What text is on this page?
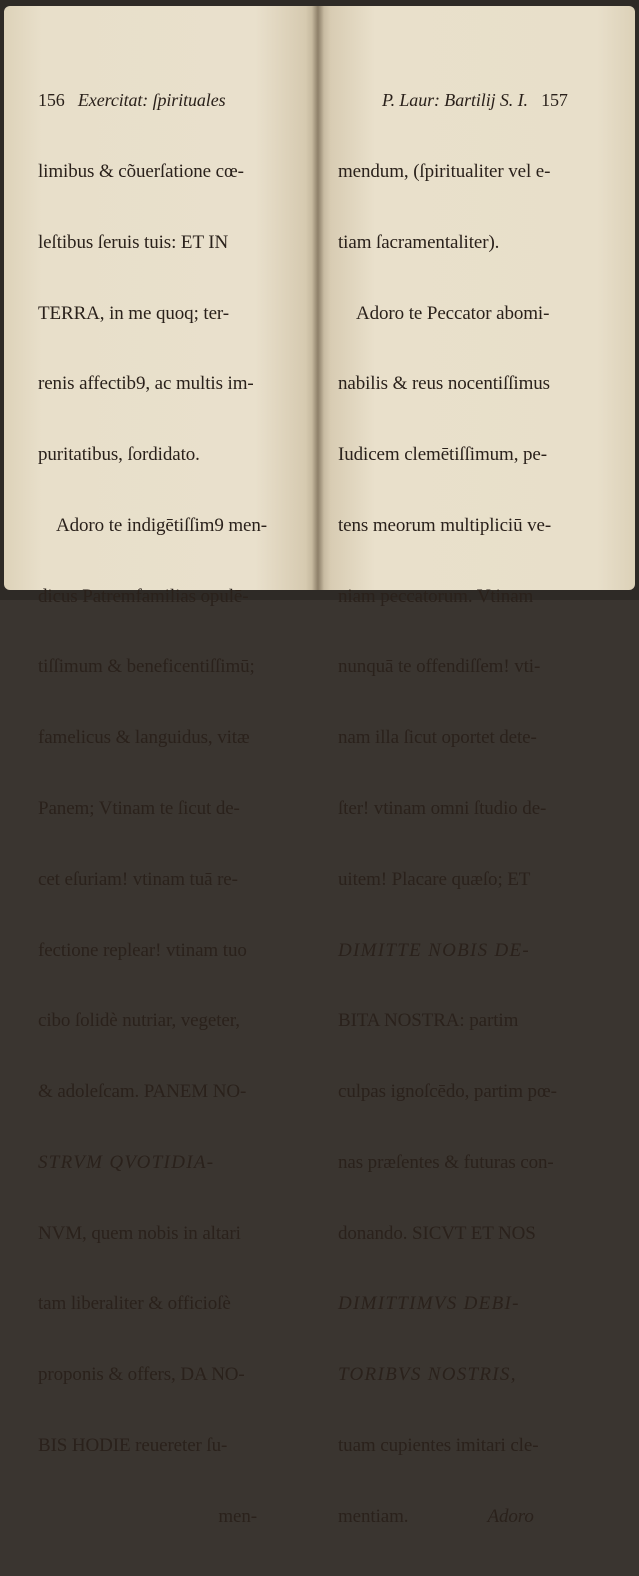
156 Exercitat: ſpirituales

limibus & cõuerſatione cœ-

leſtibus ſeruis tuis: ET IN

TERRA, in me quoq; ter-

renis affectib9, ac multis im-

puritatibus, ſordidato.

Adoro te indigētiſſim9 men-

dicus Patremfamilias opulē-

tiſſimum & beneficentiſſimū;

famelicus & languidus, vitæ

Panem; Vtinam te ſicut de-

cet eſuriam! vtinam tuā re-

fectione replear! vtinam tuo

cibo ſolidè nutriar, vegeter,

& adoleſcam. PANEM NO-

STRVM QVOTIDIA-

NVM, quem nobis in altari

tam liberaliter & officioſè

proponis & offers, DA NO-

BIS HODIE reuereter ſu-

men-

P. Laur: Bartilij S. I. 157

mendum, (ſpiritualiter vel e-

tiam ſacramentaliter).

Adoro te Peccator abomi-

nabilis & reus nocentiſſimus

Iudicem clemētiſſimum, pe-

tens meorum multipliciū ve-

niam peccatorum. Vtinam

nunquā te offendiſſem! vti-

nam illa ſicut oportet dete-

ſter! vtinam omni ſtudio de-

uitem! Placare quæſo; ET

DIMITTE NOBIS DE-

BITA NOSTRA: partim

culpas ignoſcēdo, partim pœ-

nas præſentes & futuras con-

donando. SICVT ET NOS

DIMITTIMVS DEBI-

TORIBVS NOSTRIS,

tuam cupientes imitari cle-

mentiam.	Adoro
